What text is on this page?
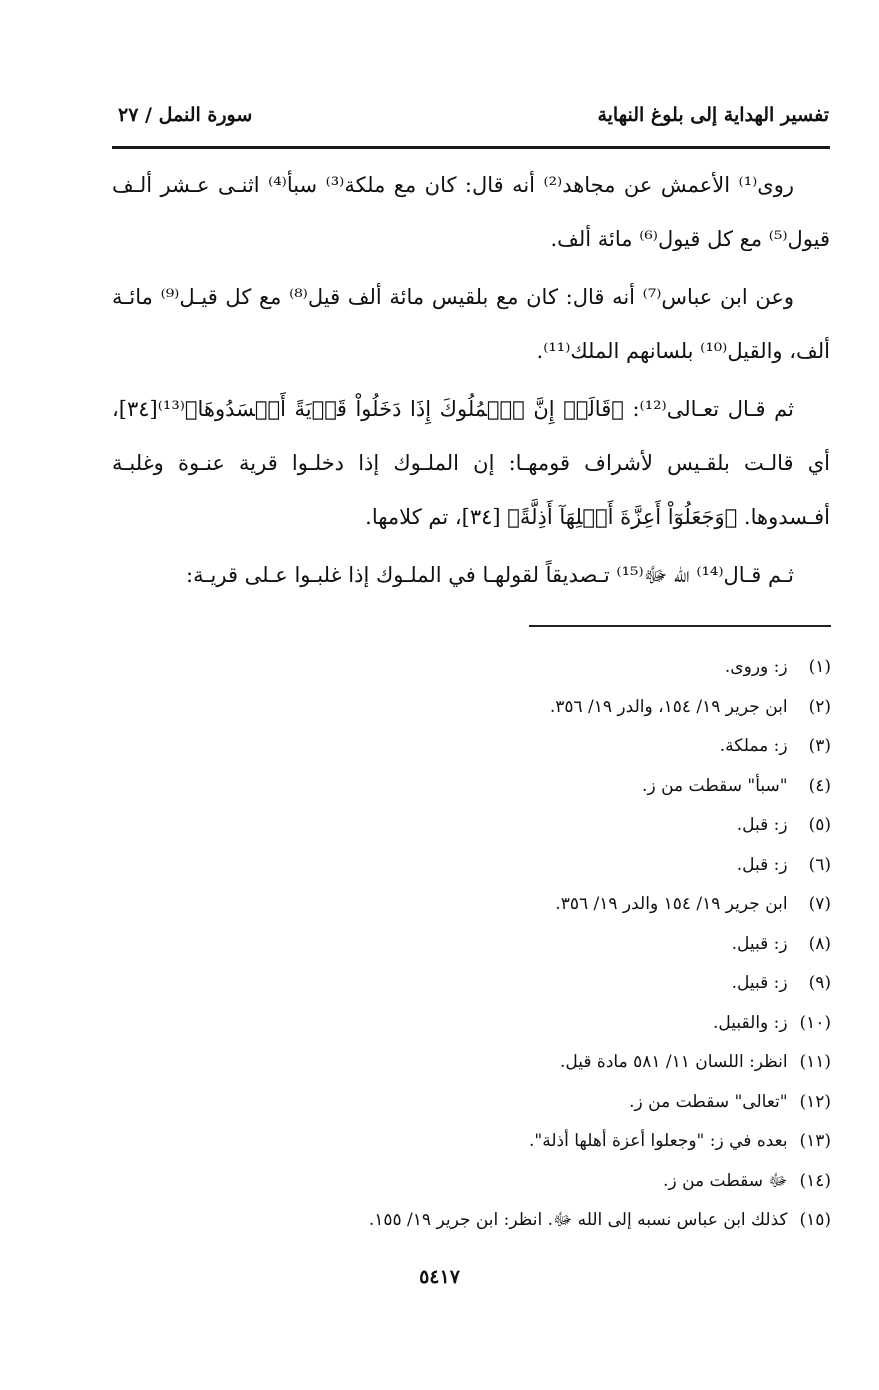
تفسير الهداية إلى بلوغ النهاية
سورة النمل / ٢٧

روى⁽¹⁾ الأعمش عن مجاهد⁽²⁾ أنه قال: كان مع ملكة⁽³⁾ سبأ⁽⁴⁾ اثنـى عـشر ألـف قيول⁽⁵⁾ مع كل قيول⁽⁶⁾ مائة ألف.

وعن ابن عباس⁽⁷⁾ أنه قال: كان مع بلقيس مائة ألف قيل⁽⁸⁾ مع كل قيـل⁽⁹⁾ مائـة ألف، والقيل⁽¹⁰⁾ بلسانهم الملك⁽¹¹⁾.

ثم قـال تعـالى⁽¹²⁾: ﴿قَالَتۡ إِنَّ ٱلۡمُلُوكَ إِذَا دَخَلُواْ قَرۡيَةً أَفۡسَدُوهَا﴾⁽¹³⁾[٣٤]، أي قالـت بلقـيس لأشراف قومهـا: إن الملـوك إذا دخلـوا قرية عنـوة وغلبـة أفـسدوها. ﴿وَجَعَلُوٓاْ أَعِزَّةَ أَهۡلِهَآ أَذِلَّةً﴾ [٣٤]، تم كلامها.

ثـم قـال⁽¹⁴⁾ الله ﷻ⁽¹⁵⁾ تـصديقاً لقولهـا في الملـوك إذا غلبـوا عـلى قريـة:

(١) ز: وروى.
(٢) ابن جرير ١٩/ ١٥٤، والدر ١٩/ ٣٥٦.
(٣) ز: مملكة.
(٤) "سبأ" سقطت من ز.
(٥) ز: قبل.
(٦) ز: قبل.
(٧) ابن جرير ١٩/ ١٥٤ والدر ١٩/ ٣٥٦.
(٨) ز: قبيل.
(٩) ز: قبيل.
(١٠) ز: والقبيل.
(١١) انظر: اللسان ١١/ ٥٨١ مادة قيل.
(١٢) "تعالى" سقطت من ز.
(١٣) بعده في ز: "وجعلوا أعزة أهلها أذلة".
(١٤) ﷻ سقطت من ز.
(١٥) كذلك ابن عباس نسبه إلى الله ﷻ. انظر: ابن جرير ١٩/ ١٥٥.
٥٤١٧
